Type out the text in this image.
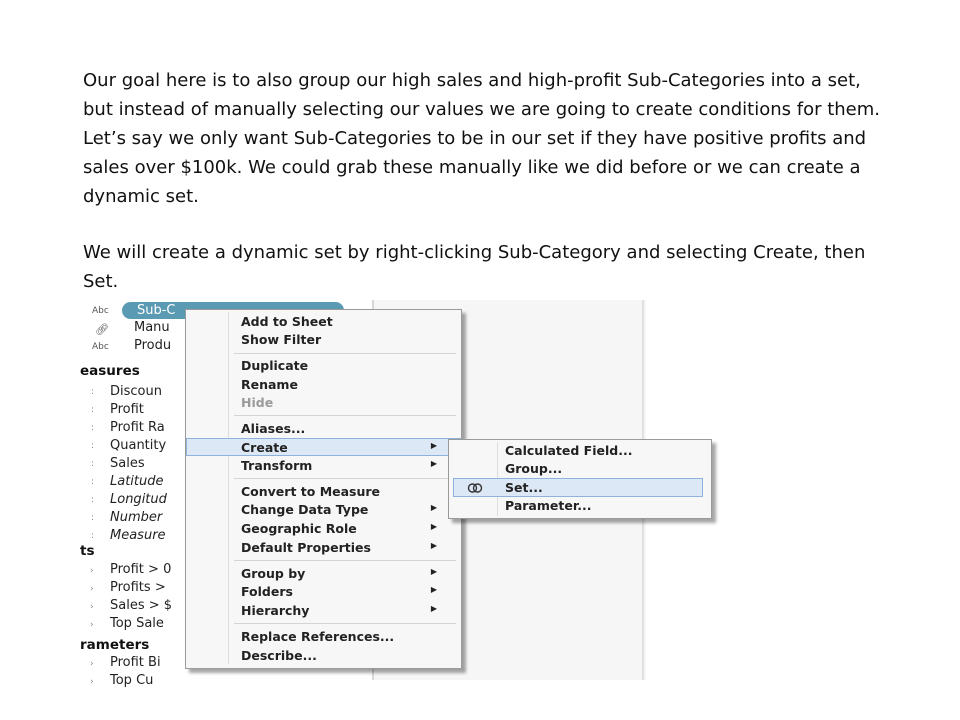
Our goal here is to also group our high sales and high-profit Sub-Categories into a set, but instead of manually selecting our values we are going to create conditions for them. Let’s say we only want Sub-Categories to be in our set if they have positive profits and sales over $100k. We could grab these manually like we did before or we can create a dynamic set.
We will create a dynamic set by right-clicking Sub-Category and selecting Create, then Set.
Abc Sub-C
🔗︎ Manu
Abc Produ
easures
: Discoun
: Profit
: Profit Ra
: Quantity
: Sales
: Latitude
: Longitud
: Number
: Measure
ts
› Profit > 0
› Profits >
› Sales > $
› Top Sale
rameters
› Profit Bi
› Top Cu
Add to Sheet
Show Filter
Duplicate
Rename
Hide
Aliases...
Create	▶
Transform	▶
Convert to Measure
Change Data Type	▶
Geographic Role	▶
Default Properties	▶
Group by	▶
Folders	▶
Hierarchy	▶
Replace References...
Describe...
Calculated Field...
Group...
Set...
Parameter...
